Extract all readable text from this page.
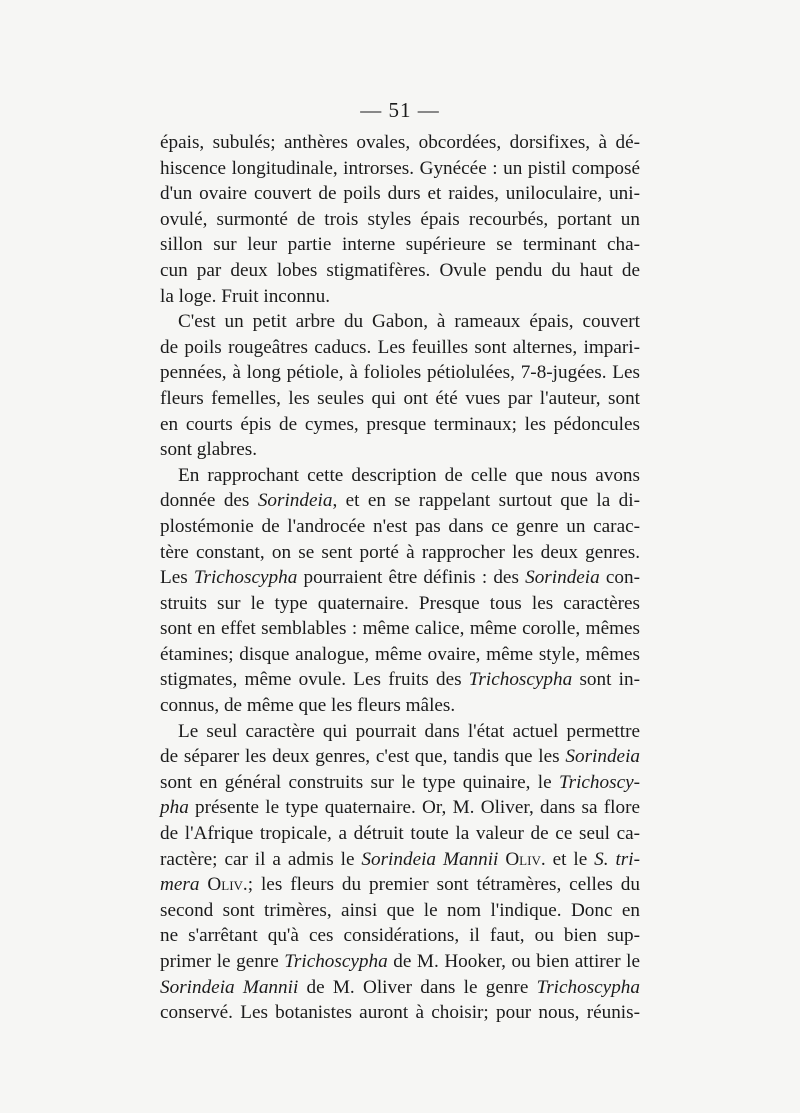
— 51 —
épais, subulés; anthères ovales, obcordées, dorsifixes, à dé-
hiscence longitudinale, introrses. Gynécée : un pistil composé
d'un ovaire couvert de poils durs et raides, uniloculaire, uni-
ovulé, surmonté de trois styles épais recourbés, portant un
sillon sur leur partie interne supérieure se terminant cha-
cun par deux lobes stigmatifères. Ovule pendu du haut de
la loge. Fruit inconnu.
C'est un petit arbre du Gabon, à rameaux épais, couvert
de poils rougeâtres caducs. Les feuilles sont alternes, impari-
pennées, à long pétiole, à folioles pétiolulées, 7-8-jugées. Les
fleurs femelles, les seules qui ont été vues par l'auteur, sont
en courts épis de cymes, presque terminaux; les pédoncules
sont glabres.
En rapprochant cette description de celle que nous avons
donnée des Sorindeia, et en se rappelant surtout que la di-
plostémonie de l'androcée n'est pas dans ce genre un carac-
tère constant, on se sent porté à rapprocher les deux genres.
Les Trichoscypha pourraient être définis : des Sorindeia con-
struits sur le type quaternaire. Presque tous les caractères
sont en effet semblables : même calice, même corolle, mêmes
étamines; disque analogue, même ovaire, même style, mêmes
stigmates, même ovule. Les fruits des Trichoscypha sont in-
connus, de même que les fleurs mâles.
Le seul caractère qui pourrait dans l'état actuel permettre
de séparer les deux genres, c'est que, tandis que les Sorindeia
sont en général construits sur le type quinaire, le Trichoscy-
pha présente le type quaternaire. Or, M. Oliver, dans sa flore
de l'Afrique tropicale, a détruit toute la valeur de ce seul ca-
ractère; car il a admis le Sorindeia Mannii Oliv. et le S. tri-
mera Oliv.; les fleurs du premier sont tétramères, celles du
second sont trimères, ainsi que le nom l'indique. Donc en
ne s'arrêtant qu'à ces considérations, il faut, ou bien sup-
primer le genre Trichoscypha de M. Hooker, ou bien attirer le
Sorindeia Mannii de M. Oliver dans le genre Trichoscypha
conservé. Les botanistes auront à choisir; pour nous, réunis-
